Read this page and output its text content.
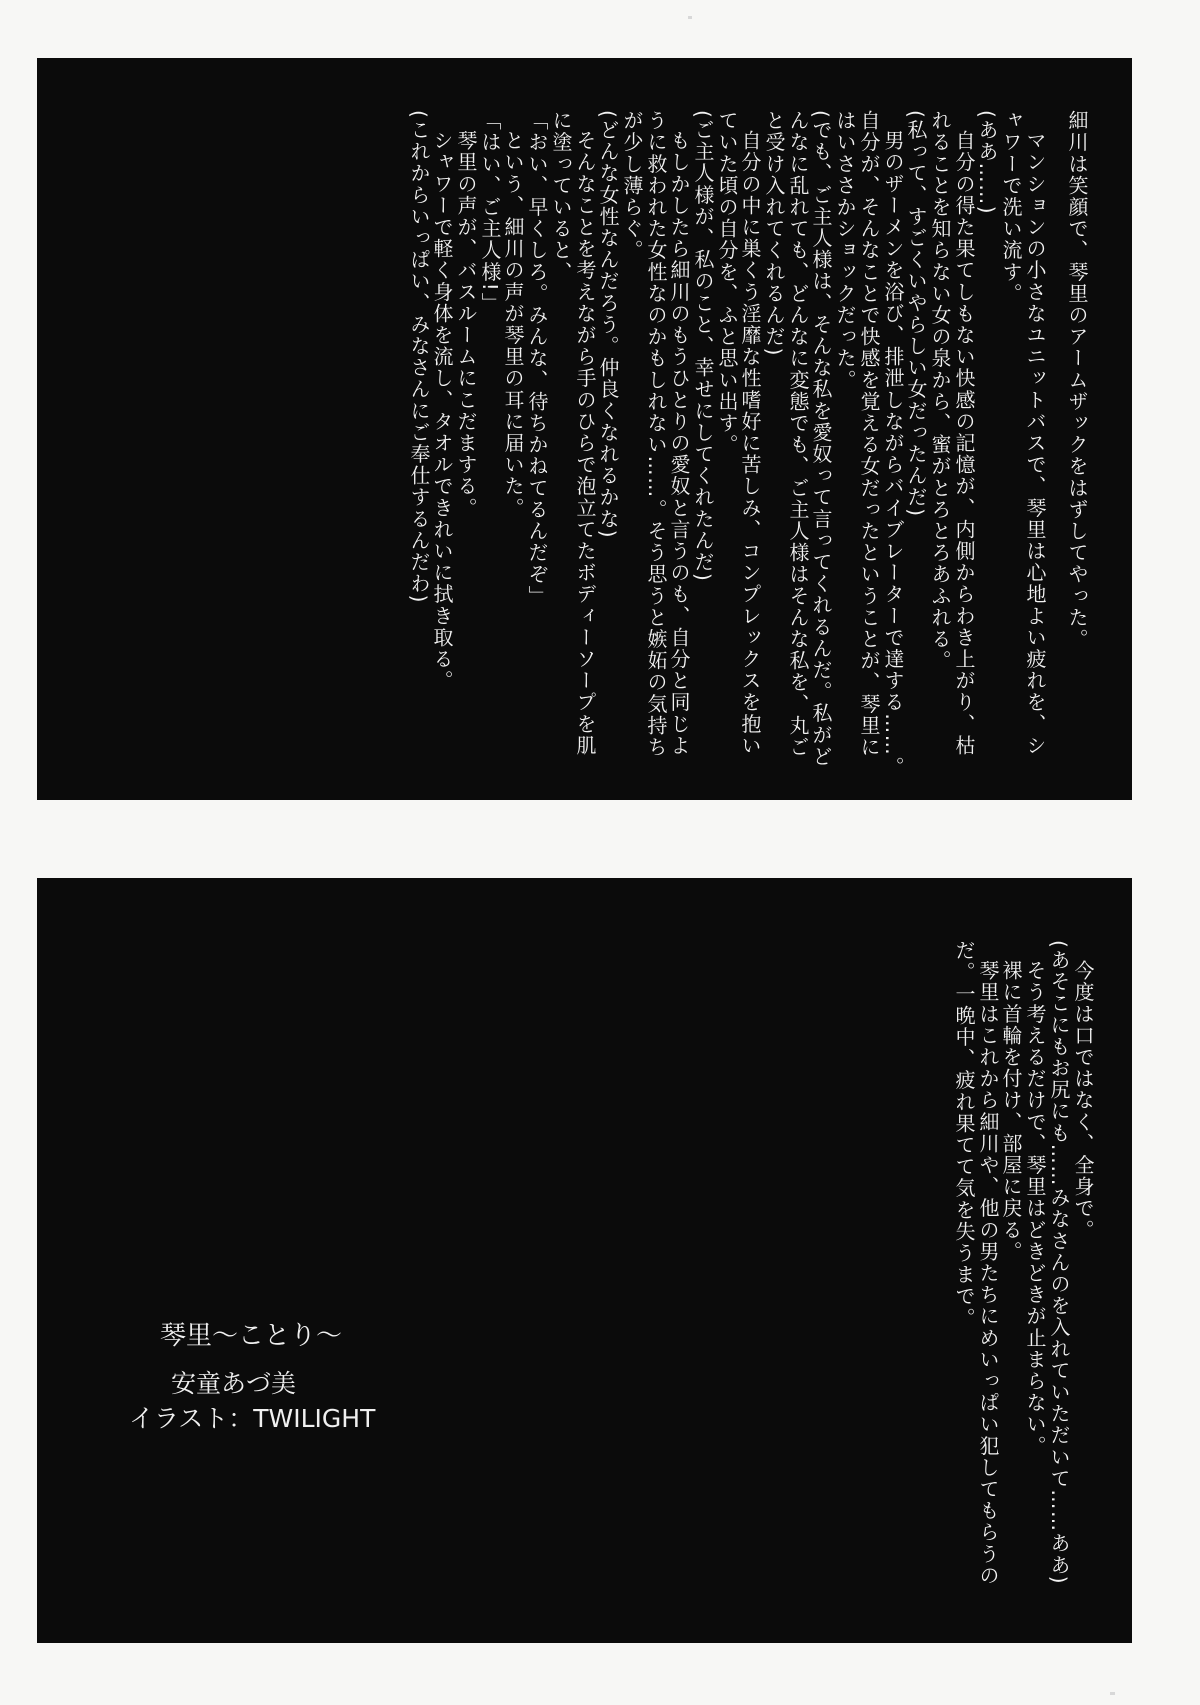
細川は笑顔で、琴里のアームザックをはずしてやった。
マンションの小さなユニットバスで、琴里は心地よい疲れを、シ
ャワーで洗い流す。
(ああ……)
自分の得た果てしもない快感の記憶が、内側からわき上がり、枯
れることを知らない女の泉から、蜜がとろとろあふれる。
(私って、すごくいやらしい女だったんだ)
男のザーメンを浴び、排泄しながらバイブレーターで達する……。
自分が、そんなことで快感を覚える女だったということが、琴里に
はいささかショックだった。
(でも、ご主人様は、そんな私を愛奴って言ってくれるんだ。私がど
んなに乱れても、どんなに変態でも、ご主人様はそんな私を、丸ご
と受け入れてくれるんだ)
自分の中に巣くう淫靡な性嗜好に苦しみ、コンプレックスを抱い
ていた頃の自分を、ふと思い出す。
(ご主人様が、私のこと、幸せにしてくれたんだ)
もしかしたら細川のもうひとりの愛奴と言うのも、自分と同じよ
うに救われた女性なのかもしれない……。そう思うと嫉妬の気持ち
が少し薄らぐ。
(どんな女性なんだろう。仲良くなれるかな)
そんなことを考えながら手のひらで泡立てたボディーソープを肌
に塗っていると、
「おい、早くしろ。みんな、待ちかねてるんだぞ」
という、細川の声が琴里の耳に届いた。
「はい、ご主人様!」
琴里の声が、バスルームにこだまする。
シャワーで軽く身体を流し、タオルできれいに拭き取る。
(これからいっぱい、みなさんにご奉仕するんだわ)
今度は口ではなく、全身で。
(あそこにもお尻にも……みなさんのを入れていただいて……ああ)
そう考えるだけで、琴里はどきどきが止まらない。
裸に首輪を付け、部屋に戻る。
琴里はこれから細川や、他の男たちにめいっぱい犯してもらうの
だ。一晩中、疲れ果てて気を失うまで。
琴里～ことり～
安童あづ美
イラスト：TWILIGHT
